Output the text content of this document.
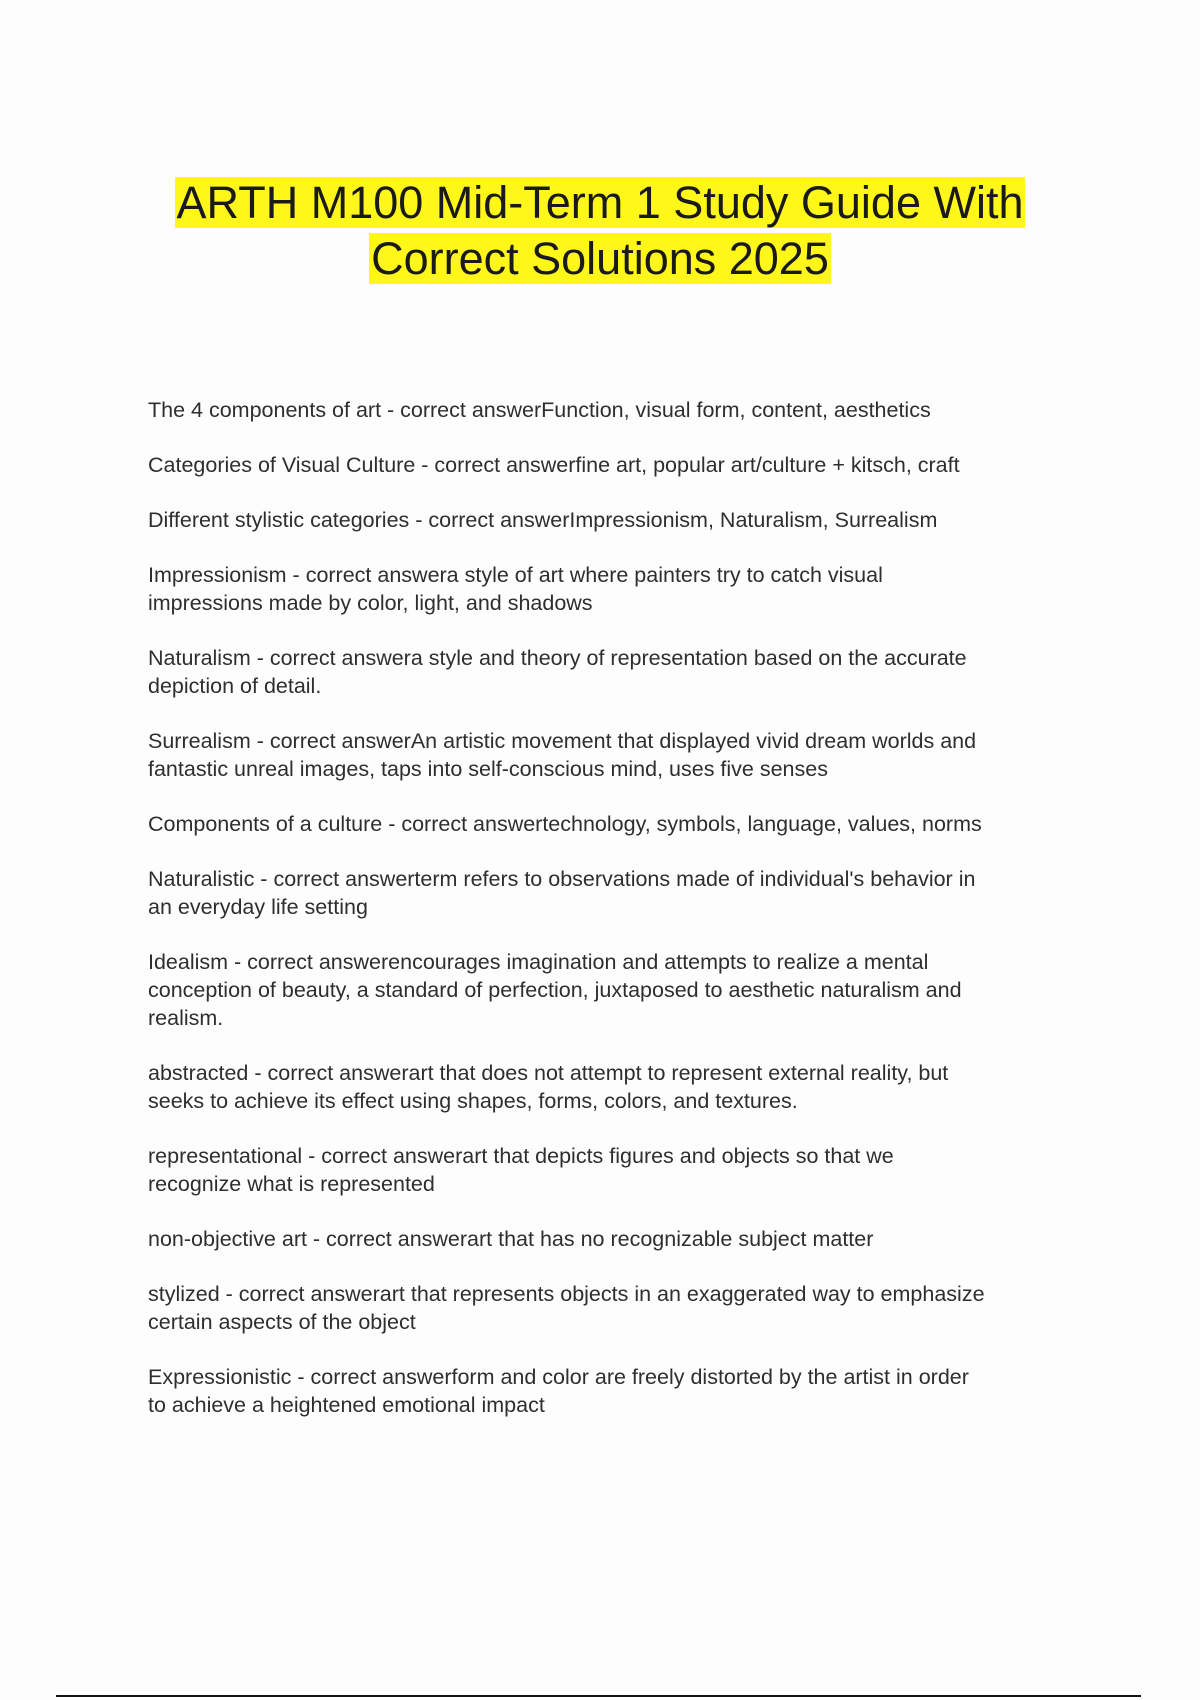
ARTH M100 Mid-Term 1 Study Guide With
Correct Solutions 2025
The 4 components of art - correct answerFunction, visual form, content, aesthetics
Categories of Visual Culture - correct answerfine art, popular art/culture + kitsch, craft
Different stylistic categories - correct answerImpressionism, Naturalism, Surrealism
Impressionism - correct answera style of art where painters try to catch visual
impressions made by color, light, and shadows
Naturalism - correct answera style and theory of representation based on the accurate
depiction of detail.
Surrealism - correct answerAn artistic movement that displayed vivid dream worlds and
fantastic unreal images, taps into self-conscious mind, uses five senses
Components of a culture - correct answertechnology, symbols, language, values, norms
Naturalistic - correct answerterm refers to observations made of individual's behavior in
an everyday life setting
Idealism - correct answerencourages imagination and attempts to realize a mental
conception of beauty, a standard of perfection, juxtaposed to aesthetic naturalism and
realism.
abstracted - correct answerart that does not attempt to represent external reality, but
seeks to achieve its effect using shapes, forms, colors, and textures.
representational - correct answerart that depicts figures and objects so that we
recognize what is represented
non-objective art - correct answerart that has no recognizable subject matter
stylized - correct answerart that represents objects in an exaggerated way to emphasize
certain aspects of the object
Expressionistic - correct answerform and color are freely distorted by the artist in order
to achieve a heightened emotional impact
